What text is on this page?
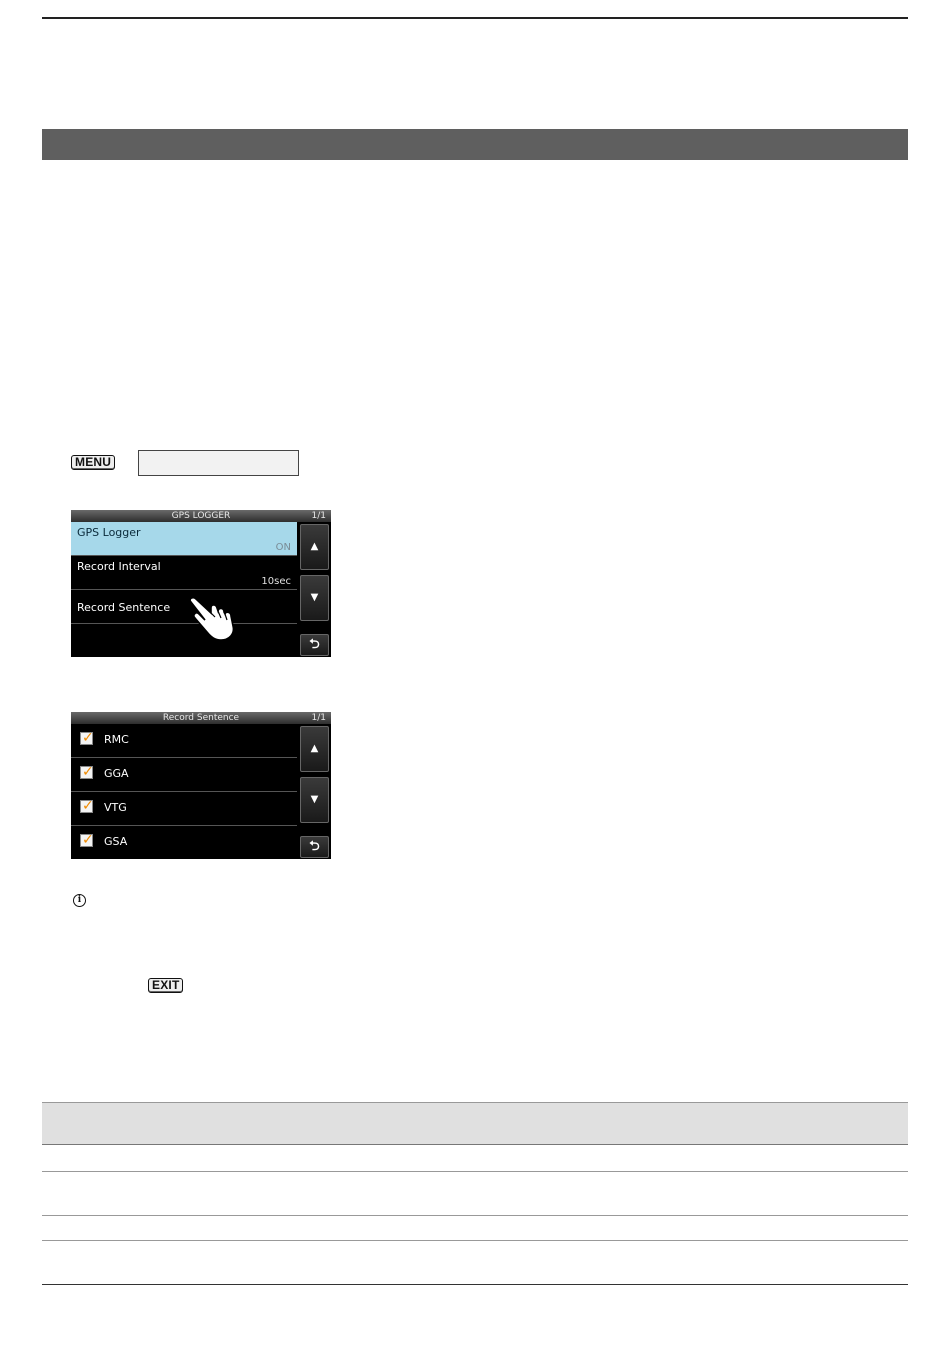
MENU
GPS LOGGER	1/1
GPS Logger
ON
Record Interval
10sec
Record Sentence
▲
▼
⮌
Record Sentence	1/1
✓ RMC
✓ GGA
✓ VTG
✓ GSA
▲
▼
⮌
i
EXIT
